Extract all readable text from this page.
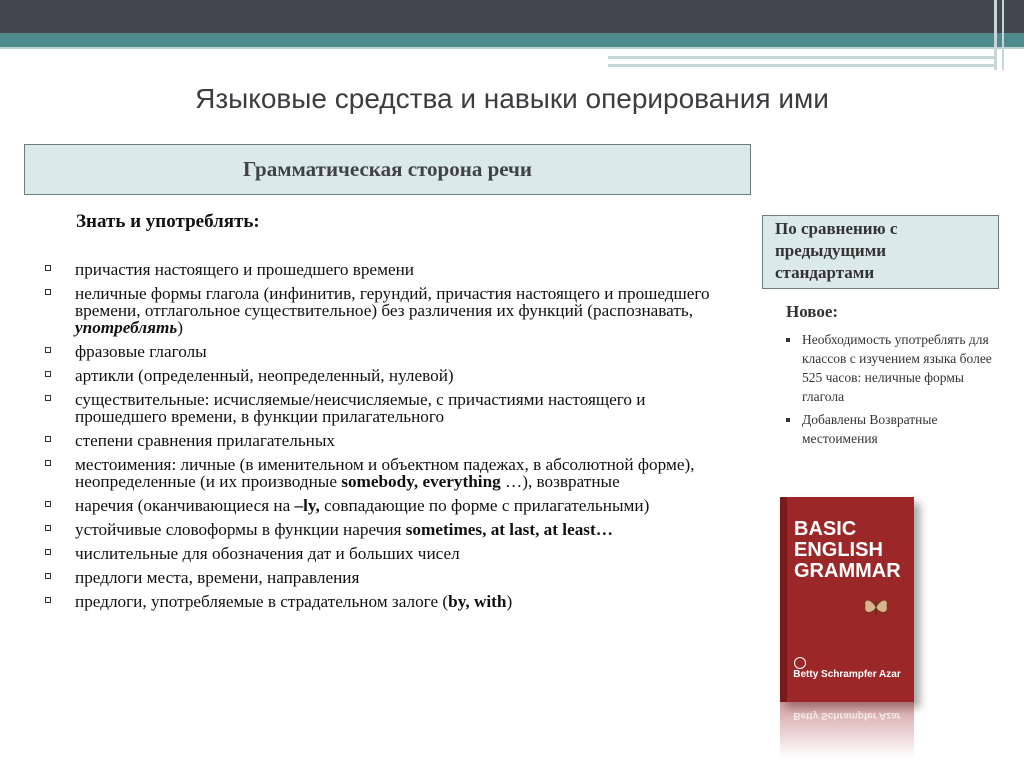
Языковые средства и навыки оперирования ими
Грамматическая сторона речи
Знать и употреблять:
причастия настоящего и прошедшего времени
неличные формы глагола (инфинитив, герундий, причастия настоящего и прошедшего времени, отглагольное существительное) без различения их функций (распознавать, употреблять)
фразовые глаголы
артикли (определенный, неопределенный, нулевой)
существительные: исчисляемые/неисчисляемые, с причастиями настоящего и прошедшего времени, в функции прилагательного
степени сравнения прилагательных
местоимения: личные (в именительном и объектном падежах, в абсолютной форме), неопределенные (и их производные somebody, everything …), возвратные
наречия (оканчивающиеся на –ly, совпадающие по форме с прилагательными)
устойчивые словоформы в функции наречия sometimes, at last, at least…
числительные для обозначения дат и больших чисел
предлоги места, времени, направления
предлоги, употребляемые в страдательном залоге (by, with)
По сравнению с
предыдущими
стандартами
Новое:
Необходимость употреблять для классов с изучением языка более 525 часов: неличные формы глагола
Добавлены Возвратные местоимения
BASIC
ENGLISH
GRAMMAR
Betty Schrampfer Azar
Betty Schrampfer Azar
